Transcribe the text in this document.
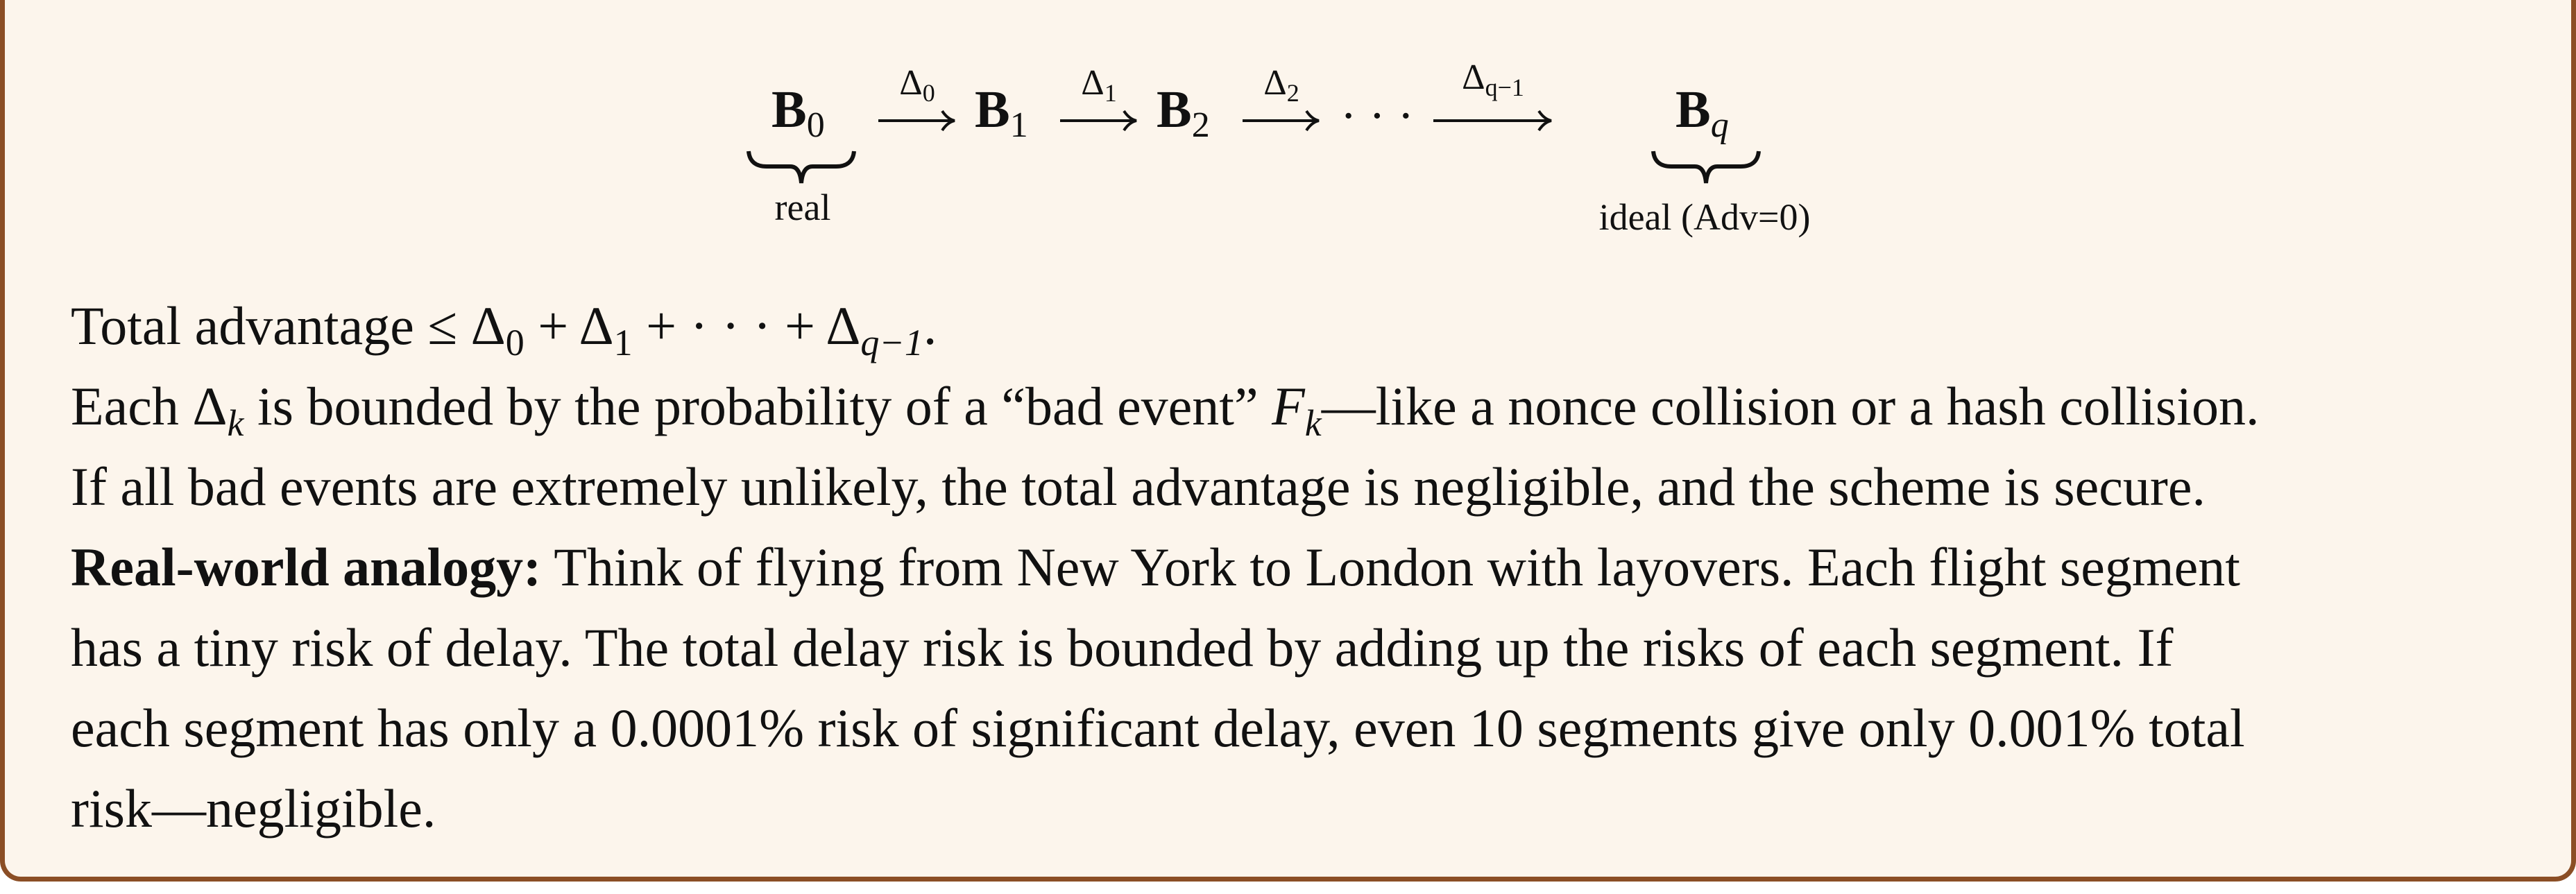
$B_0$
real
$\Delta_0$ $B_1$
$\Delta_1$ $B_2$
$\Delta_2$ ···
$\Delta_{q-1}$	$B_q$
ideal (Adv=0)
Total advantage ≤ $\Delta_0 + \Delta_1$ + · · · + $\Delta_{q-1}$.
Each $\Delta_k$ is bounded by the probability of a “bad event” $F_k—like$ a nonce collision or a hash collision.
If all bad events are extremely unlikely, the total advantage is negligible, and the scheme is secure.
Real-world analogy: Think of flying from New York to London with layovers. Each flight segment
has a tiny risk of delay. The total delay risk is bounded by adding up the risks of each segment. If
each segment has only a 0.0001% risk of significant delay, even 10 segments give only 0.001% total
risk—negligible.
